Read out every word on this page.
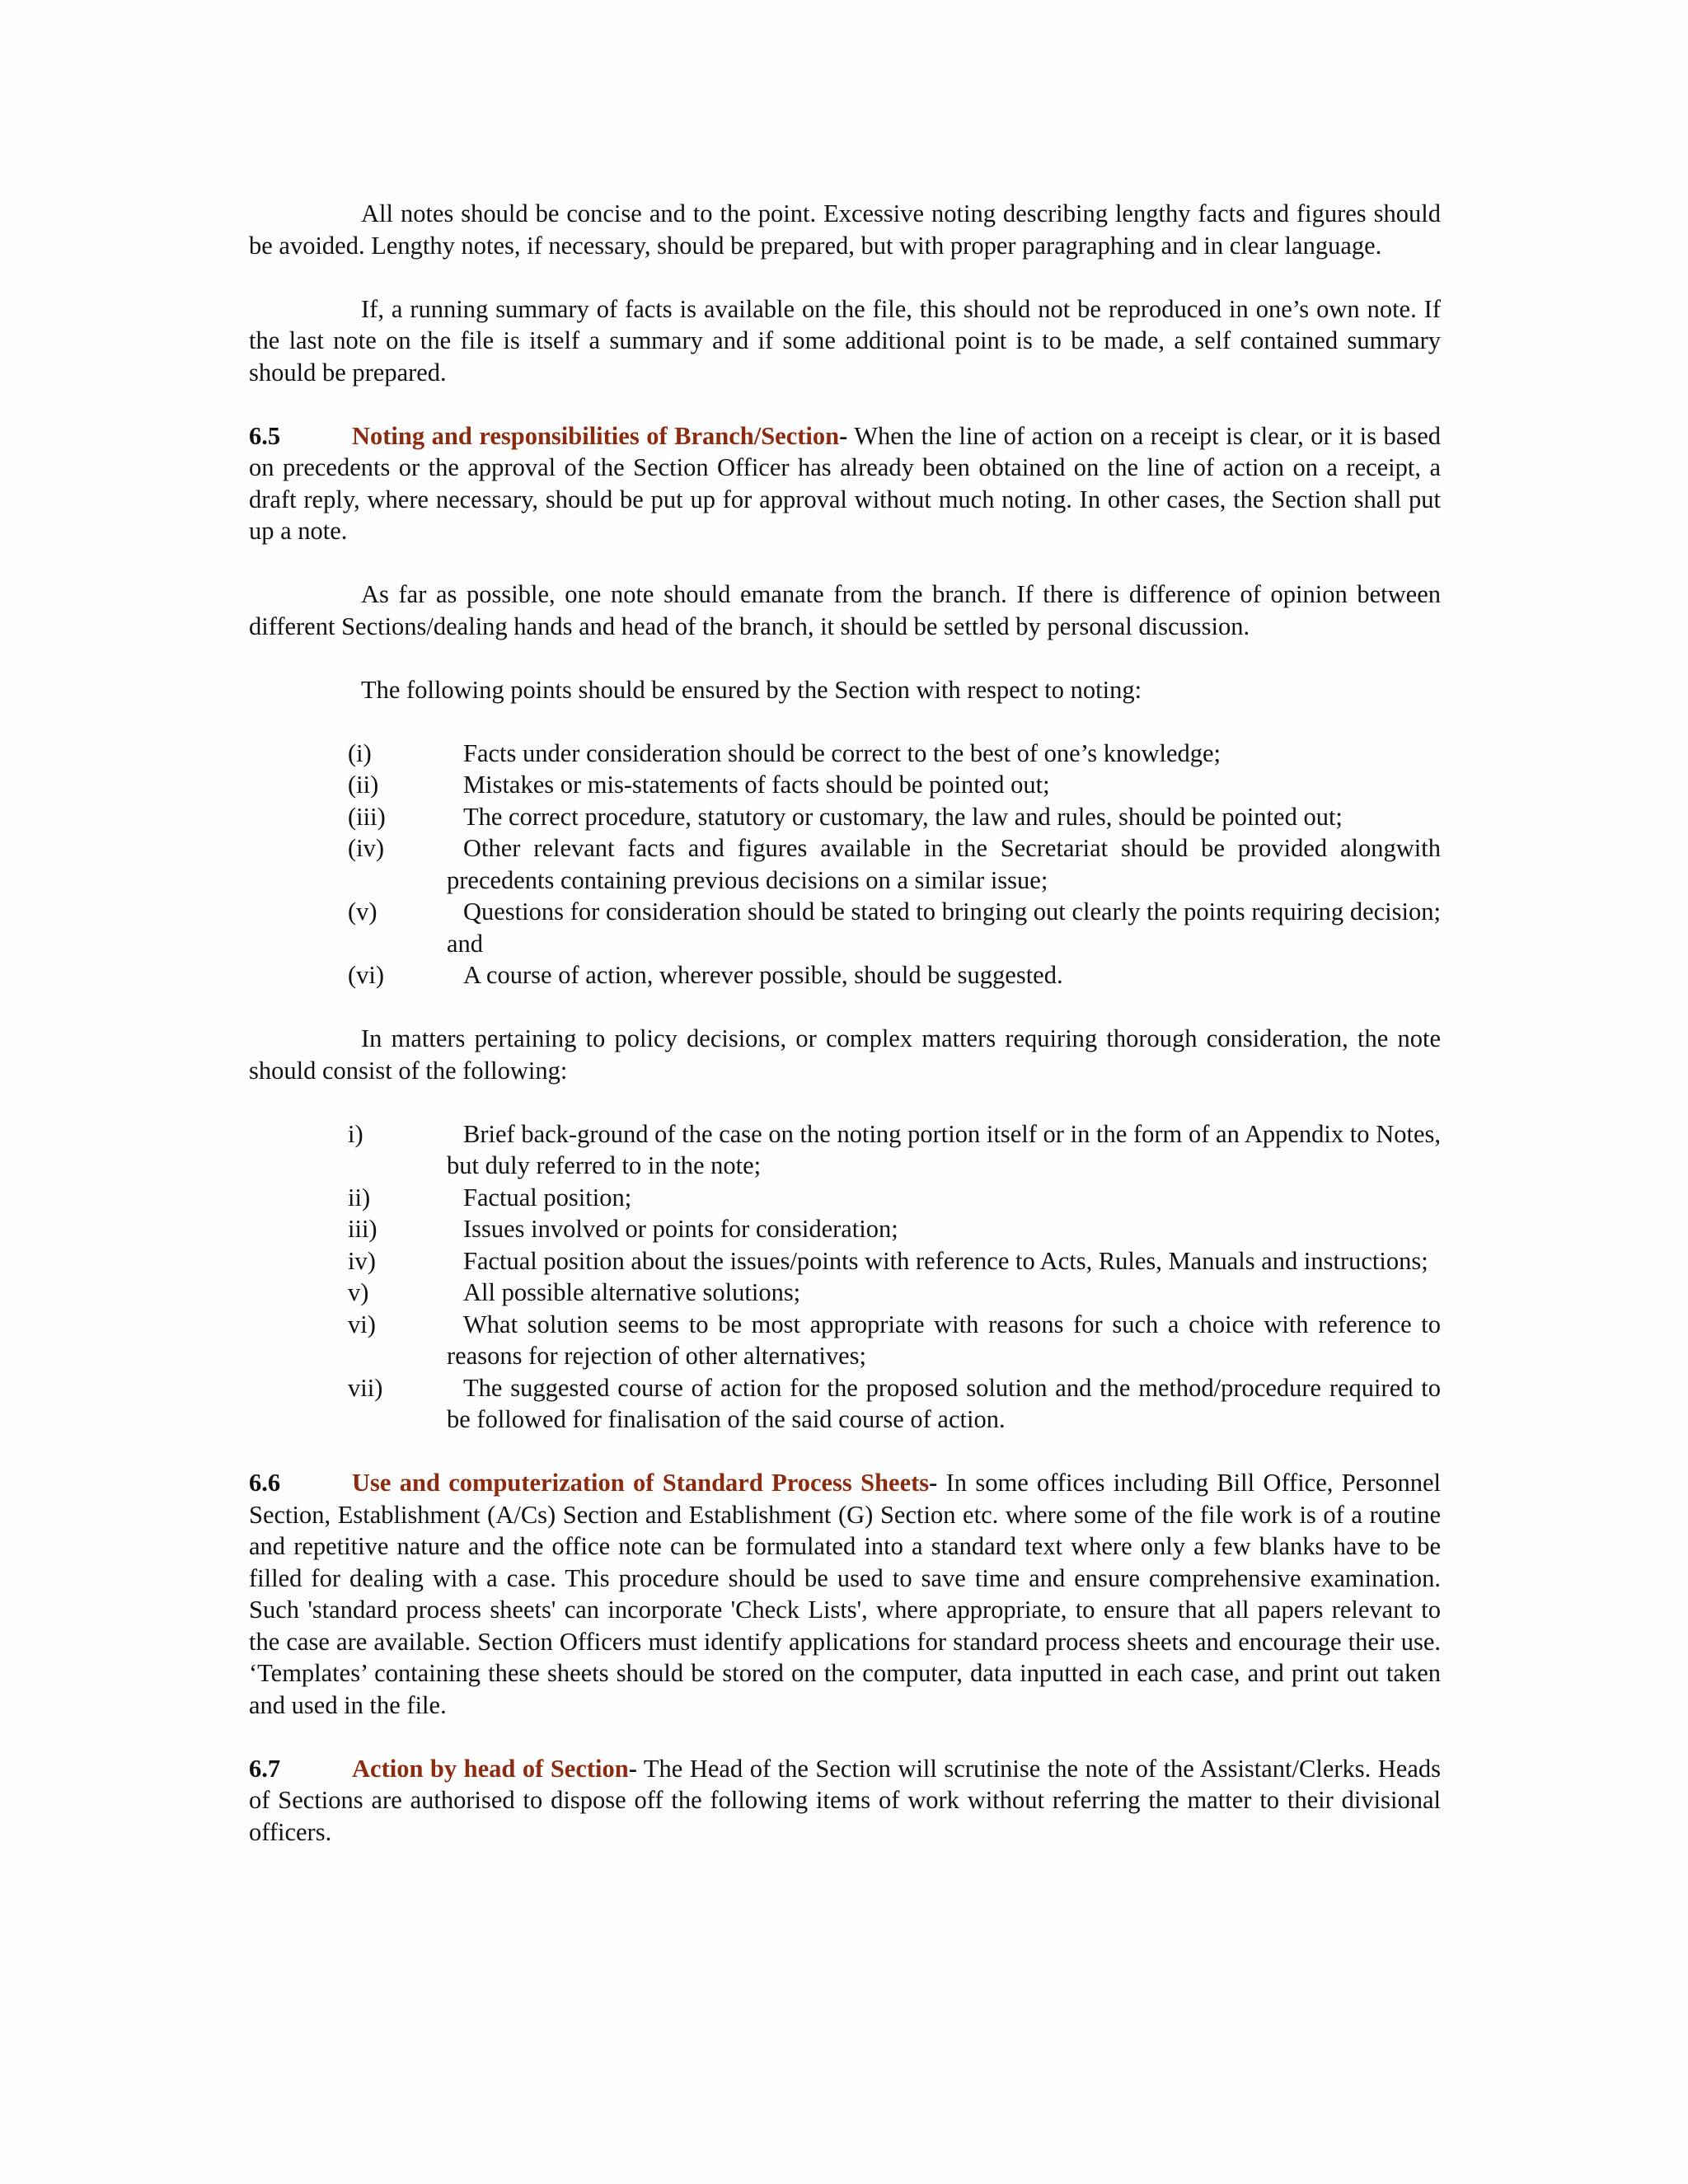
All notes should be concise and to the point. Excessive noting describing lengthy facts and figures should be avoided. Lengthy notes, if necessary, should be prepared, but with proper paragraphing and in clear language.

If, a running summary of facts is available on the file, this should not be reproduced in one’s own note. If the last note on the file is itself a summary and if some additional point is to be made, a self contained summary should be prepared.

6.5	Noting and responsibilities of Branch/Section- When the line of action on a receipt is clear, or it is based on precedents or the approval of the Section Officer has already been obtained on the line of action on a receipt, a draft reply, where necessary, should be put up for approval without much noting. In other cases, the Section shall put up a note.

As far as possible, one note should emanate from the branch. If there is difference of opinion between different Sections/dealing hands and head of the branch, it should be settled by personal discussion.

The following points should be ensured by the Section with respect to noting:

(i)	Facts under consideration should be correct to the best of one’s knowledge;
(ii)	Mistakes or mis-statements of facts should be pointed out;
(iii)	The correct procedure, statutory or customary, the law and rules, should be pointed out;
(iv)	Other relevant facts and figures available in the Secretariat should be provided alongwith precedents containing previous decisions on a similar issue;
(v)	Questions for consideration should be stated to bringing out clearly the points requiring decision; and
(vi)	A course of action, wherever possible, should be suggested.

In matters pertaining to policy decisions, or complex matters requiring thorough consideration, the note should consist of the following:

i)	Brief back-ground of the case on the noting portion itself or in the form of an Appendix to Notes, but duly referred to in the note;
ii)	Factual position;
iii)	Issues involved or points for consideration;
iv)	Factual position about the issues/points with reference to Acts, Rules, Manuals and instructions;
v)	All possible alternative solutions;
vi)	What solution seems to be most appropriate with reasons for such a choice with reference to reasons for rejection of other alternatives;
vii)	The suggested course of action for the proposed solution and the method/procedure required to be followed for finalisation of the said course of action.

6.6	Use and computerization of Standard Process Sheets- In some offices including Bill Office, Personnel Section, Establishment (A/Cs) Section and Establishment (G) Section etc. where some of the file work is of a routine and repetitive nature and the office note can be formulated into a standard text where only a few blanks have to be filled for dealing with a case. This procedure should be used to save time and ensure comprehensive examination. Such 'standard process sheets' can incorporate 'Check Lists', where appropriate, to ensure that all papers relevant to the case are available. Section Officers must identify applications for standard process sheets and encourage their use. ‘Templates’ containing these sheets should be stored on the computer, data inputted in each case, and print out taken and used in the file.

6.7	Action by head of Section- The Head of the Section will scrutinise the note of the Assistant/Clerks. Heads of Sections are authorised to dispose off the following items of work without referring the matter to their divisional officers.
